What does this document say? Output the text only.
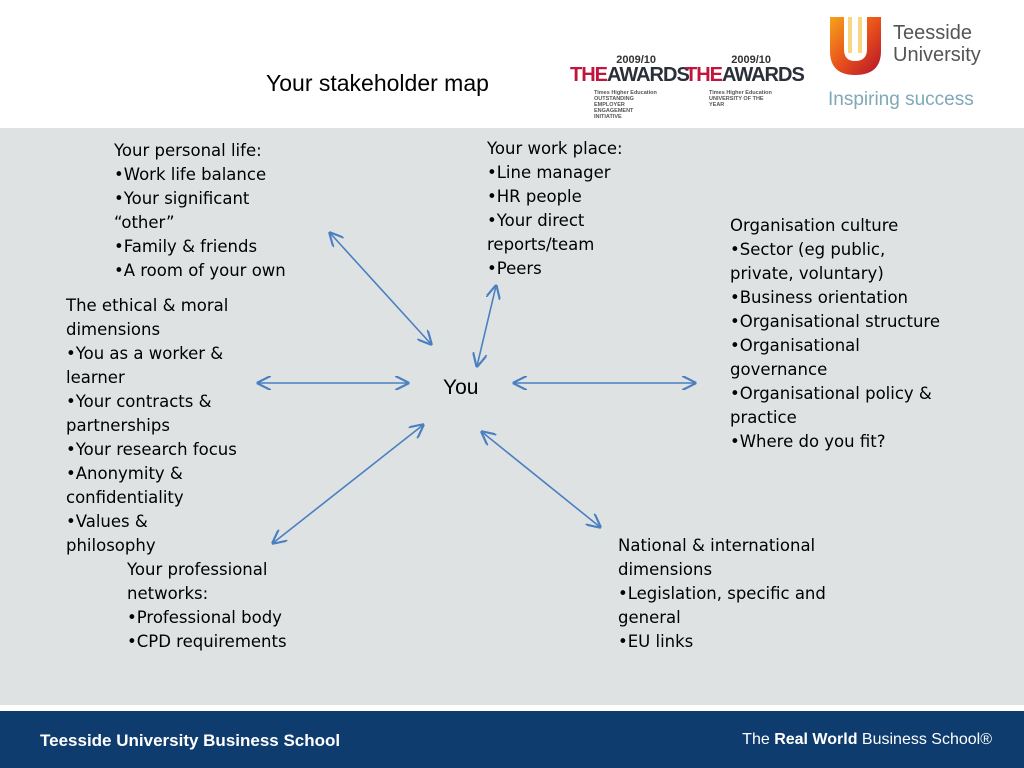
Your stakeholder map
2009/10
THEAWARDS
Times Higher Education
OUTSTANDING EMPLOYER
ENGAGEMENT INITIATIVE
2009/10
THEAWARDS
Times Higher Education
UNIVERSITY OF THE YEAR
Teesside
University
Inspiring success
You
Your personal life:
•Work life balance
•Your significant “other”
•Family & friends
•A room of your own
Your work place:
•Line manager
•HR people
•Your direct reports/team
•Peers
Organisation culture
•Sector (eg public, private, voluntary)
•Business orientation
•Organisational structure
•Organisational governance
•Organisational policy & practice
•Where do you fit?
The ethical & moral dimensions
•You as a worker & learner
•Your contracts & partnerships
•Your research focus
•Anonymity & confidentiality
•Values & philosophy
Your professional networks:
•Professional body
•CPD requirements
National & international dimensions
•Legislation, specific and general
•EU links
Teesside University Business School	The Real World Business School®
